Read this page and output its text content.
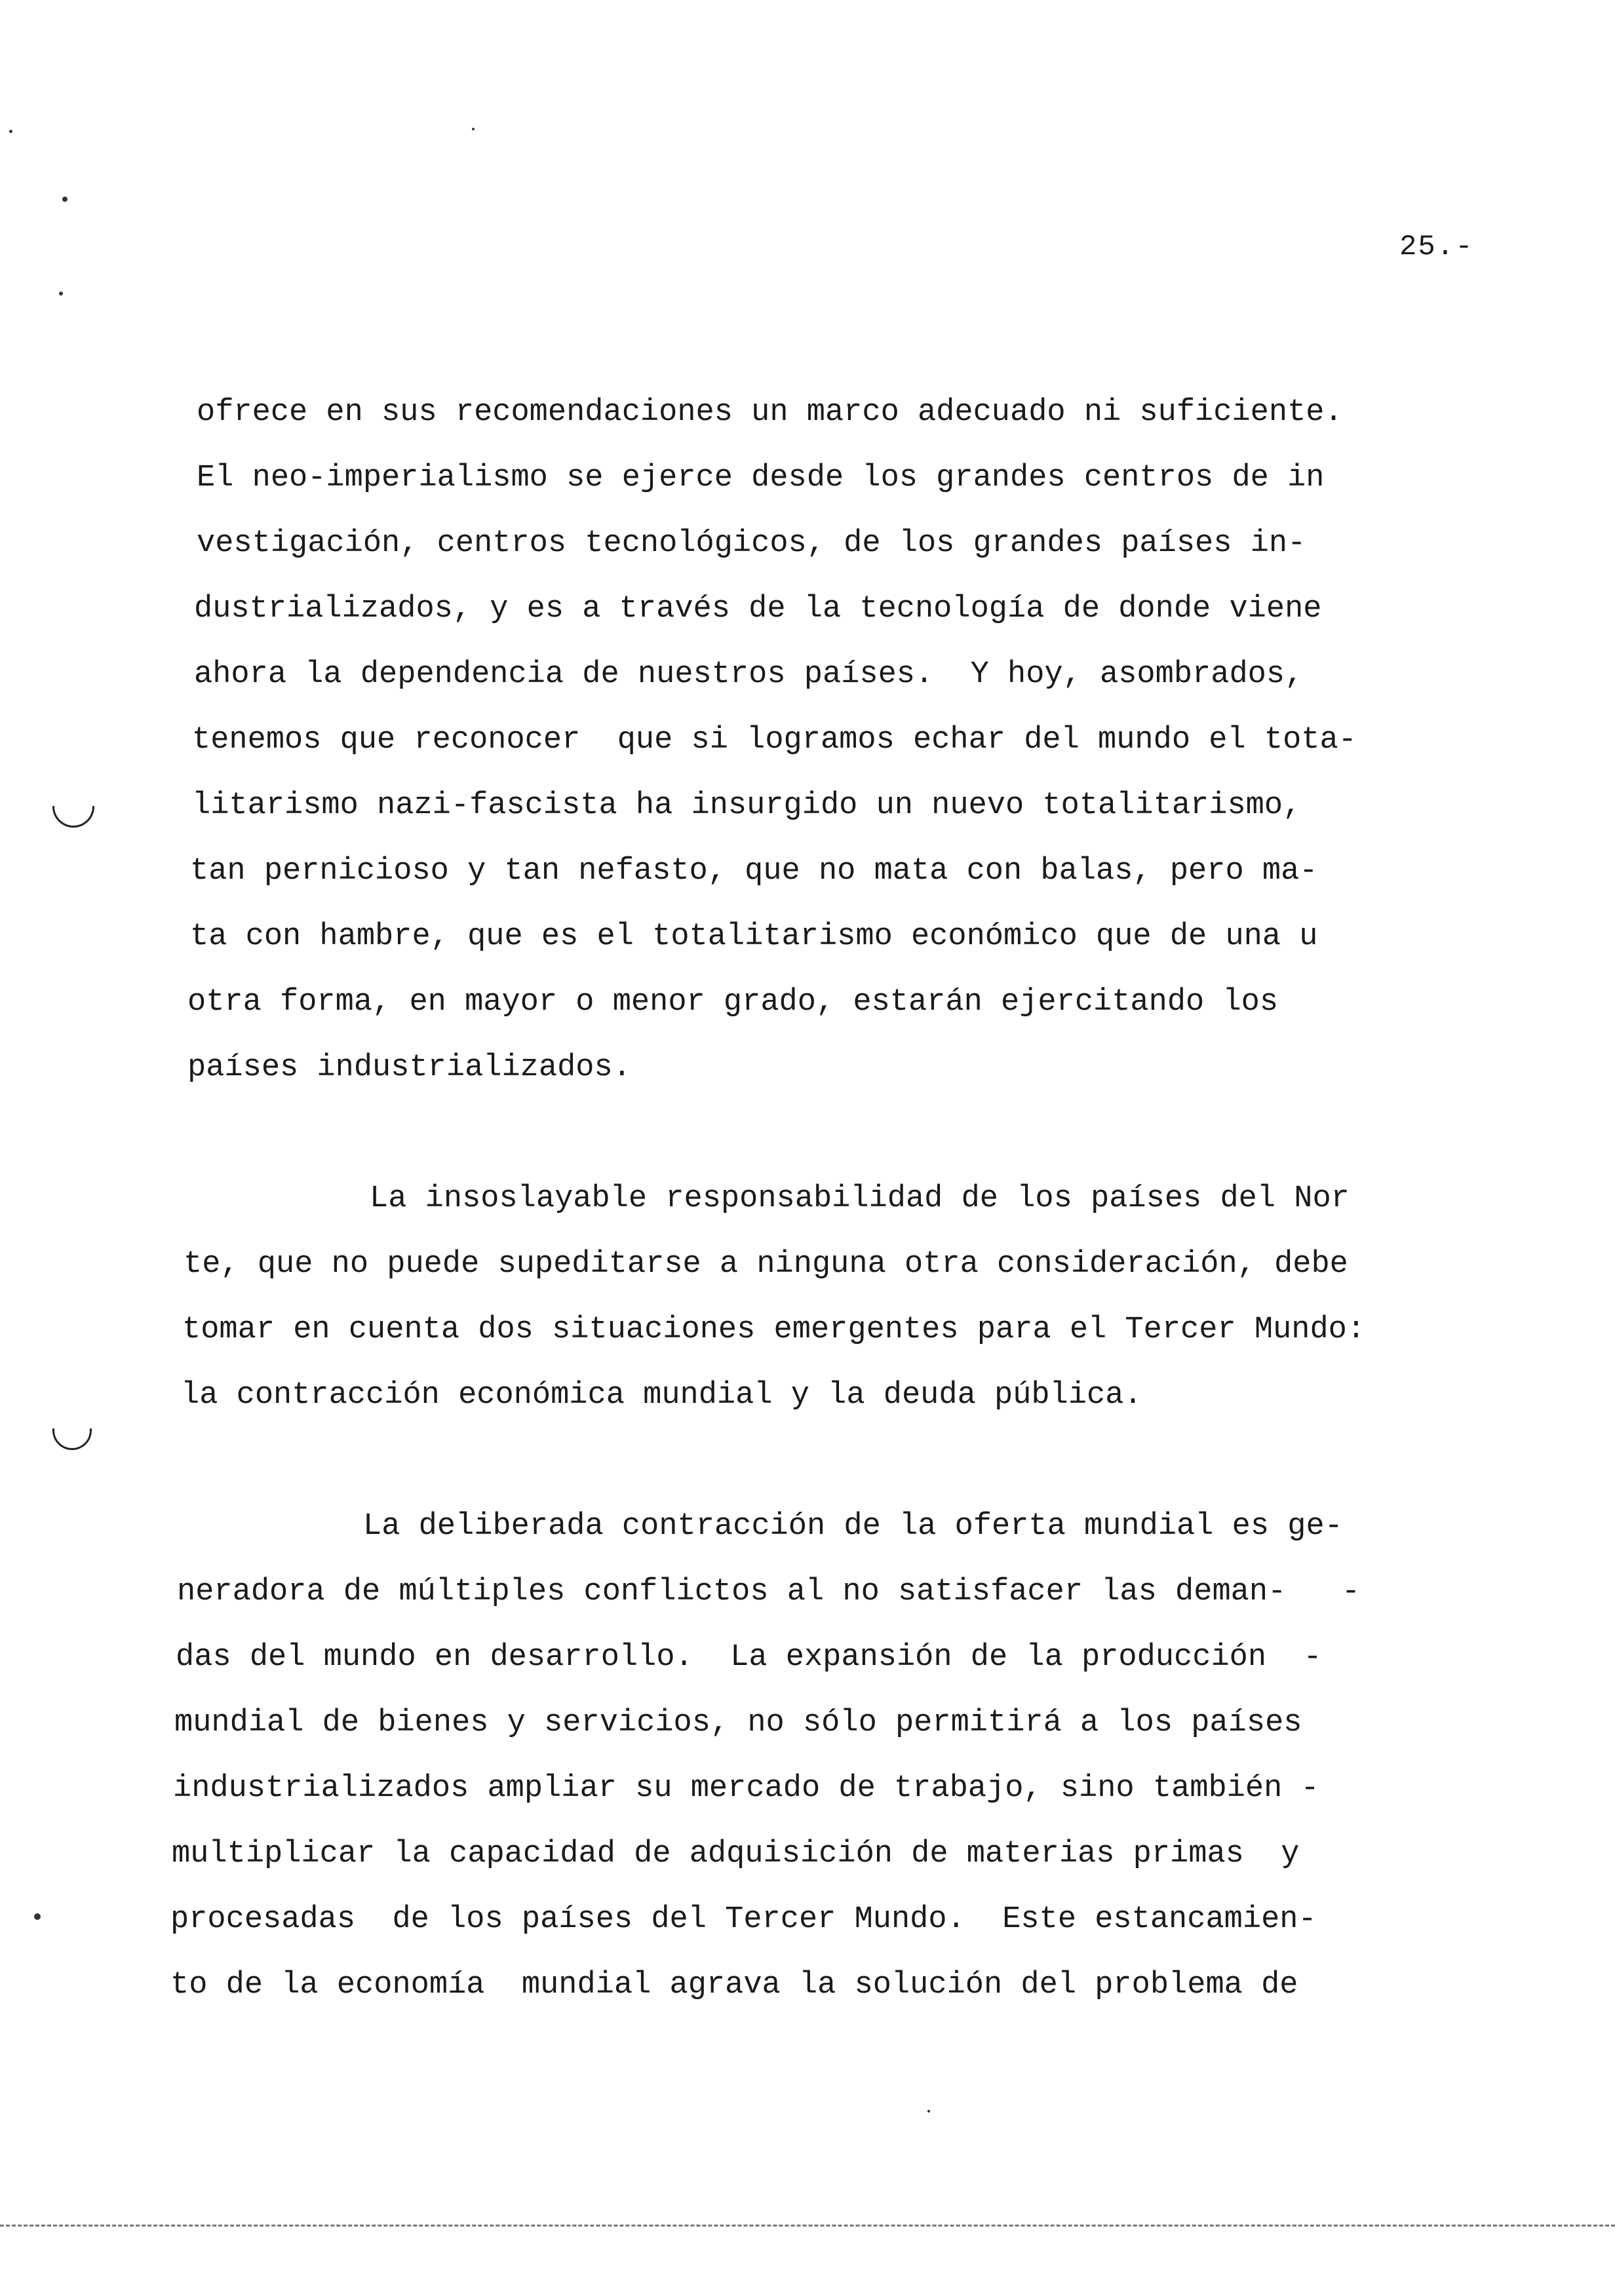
25.-
ofrece en sus recomendaciones un marco adecuado ni suficiente.
El neo-imperialismo se ejerce desde los grandes centros de in
vestigación, centros tecnológicos, de los grandes países in-
dustrializados, y es a través de la tecnología de donde viene
ahora la dependencia de nuestros países.  Y hoy, asombrados,
tenemos que reconocer  que si logramos echar del mundo el tota-
litarismo nazi-fascista ha insurgido un nuevo totalitarismo,
tan pernicioso y tan nefasto, que no mata con balas, pero ma-
ta con hambre, que es el totalitarismo económico que de una u
otra forma, en mayor o menor grado, estarán ejercitando los
países industrializados.
La insoslayable responsabilidad de los países del Nor
te, que no puede supeditarse a ninguna otra consideración, debe
tomar en cuenta dos situaciones emergentes para el Tercer Mundo:
la contracción económica mundial y la deuda pública.
La deliberada contracción de la oferta mundial es ge-
neradora de múltiples conflictos al no satisfacer las deman-   -
das del mundo en desarrollo.  La expansión de la producción  -
mundial de bienes y servicios, no sólo permitirá a los países
industrializados ampliar su mercado de trabajo, sino también -
multiplicar la capacidad de adquisición de materias primas  y
procesadas  de los países del Tercer Mundo.  Este estancamien-
to de la economía  mundial agrava la solución del problema de
